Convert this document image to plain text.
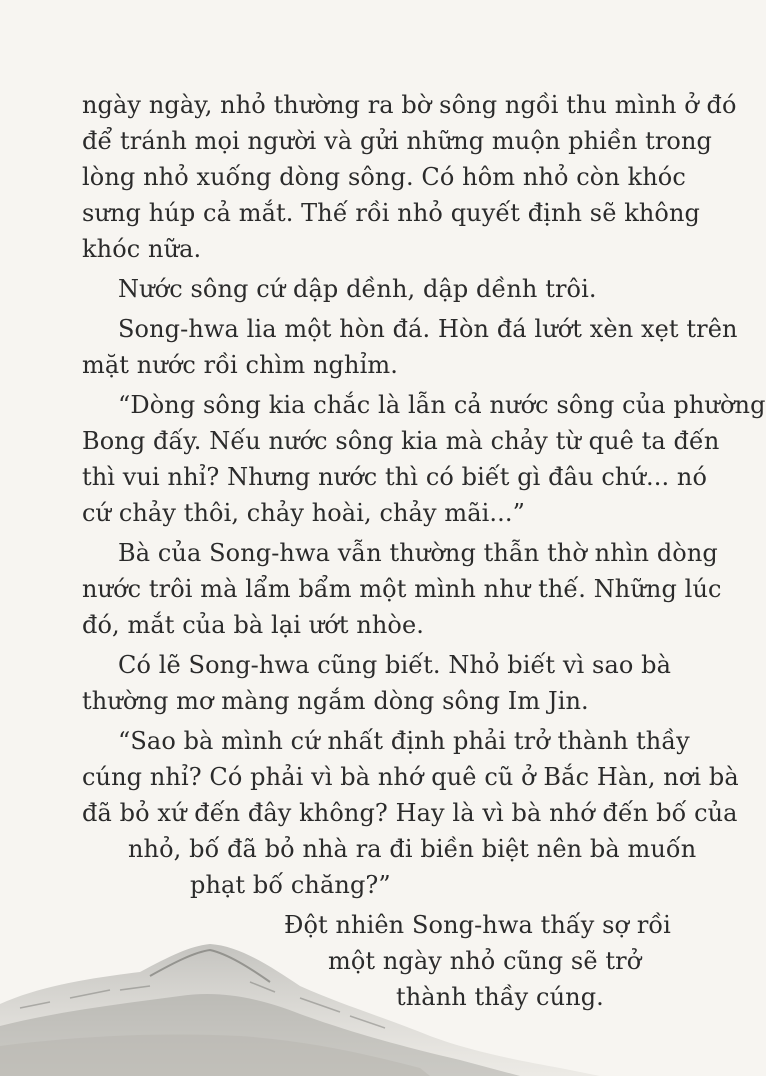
ngày ngày, nhỏ thường ra bờ sông ngồi thu mình ở đó
để tránh mọi người và gửi những muộn phiền trong
lòng nhỏ xuống dòng sông. Có hôm nhỏ còn khóc
sưng húp cả mắt. Thế rồi nhỏ quyết định sẽ không
khóc nữa.
Nước sông cứ dập dềnh, dập dềnh trôi.
Song-hwa lia một hòn đá. Hòn đá lướt xèn xẹt trên
mặt nước rồi chìm nghỉm.
“Dòng sông kia chắc là lẫn cả nước sông của phường
Bong đấy. Nếu nước sông kia mà chảy từ quê ta đến
thì vui nhỉ? Nhưng nước thì có biết gì đâu chứ... nó
cứ chảy thôi, chảy hoài, chảy mãi...”
Bà của Song-hwa vẫn thường thẫn thờ nhìn dòng
nước trôi mà lẩm bẩm một mình như thế. Những lúc
đó, mắt của bà lại ướt nhòe.
Có lẽ Song-hwa cũng biết. Nhỏ biết vì sao bà
thường mơ màng ngắm dòng sông Im Jin.
“Sao bà mình cứ nhất định phải trở thành thầy
cúng nhỉ? Có phải vì bà nhớ quê cũ ở Bắc Hàn, nơi bà
đã bỏ xứ đến đây không? Hay là vì bà nhớ đến bố của
nhỏ, bố đã bỏ nhà ra đi biền biệt nên bà muốn
phạt bố chăng?”
Đột nhiên Song-hwa thấy sợ rồi
một ngày nhỏ cũng sẽ trở
thành thầy cúng.
